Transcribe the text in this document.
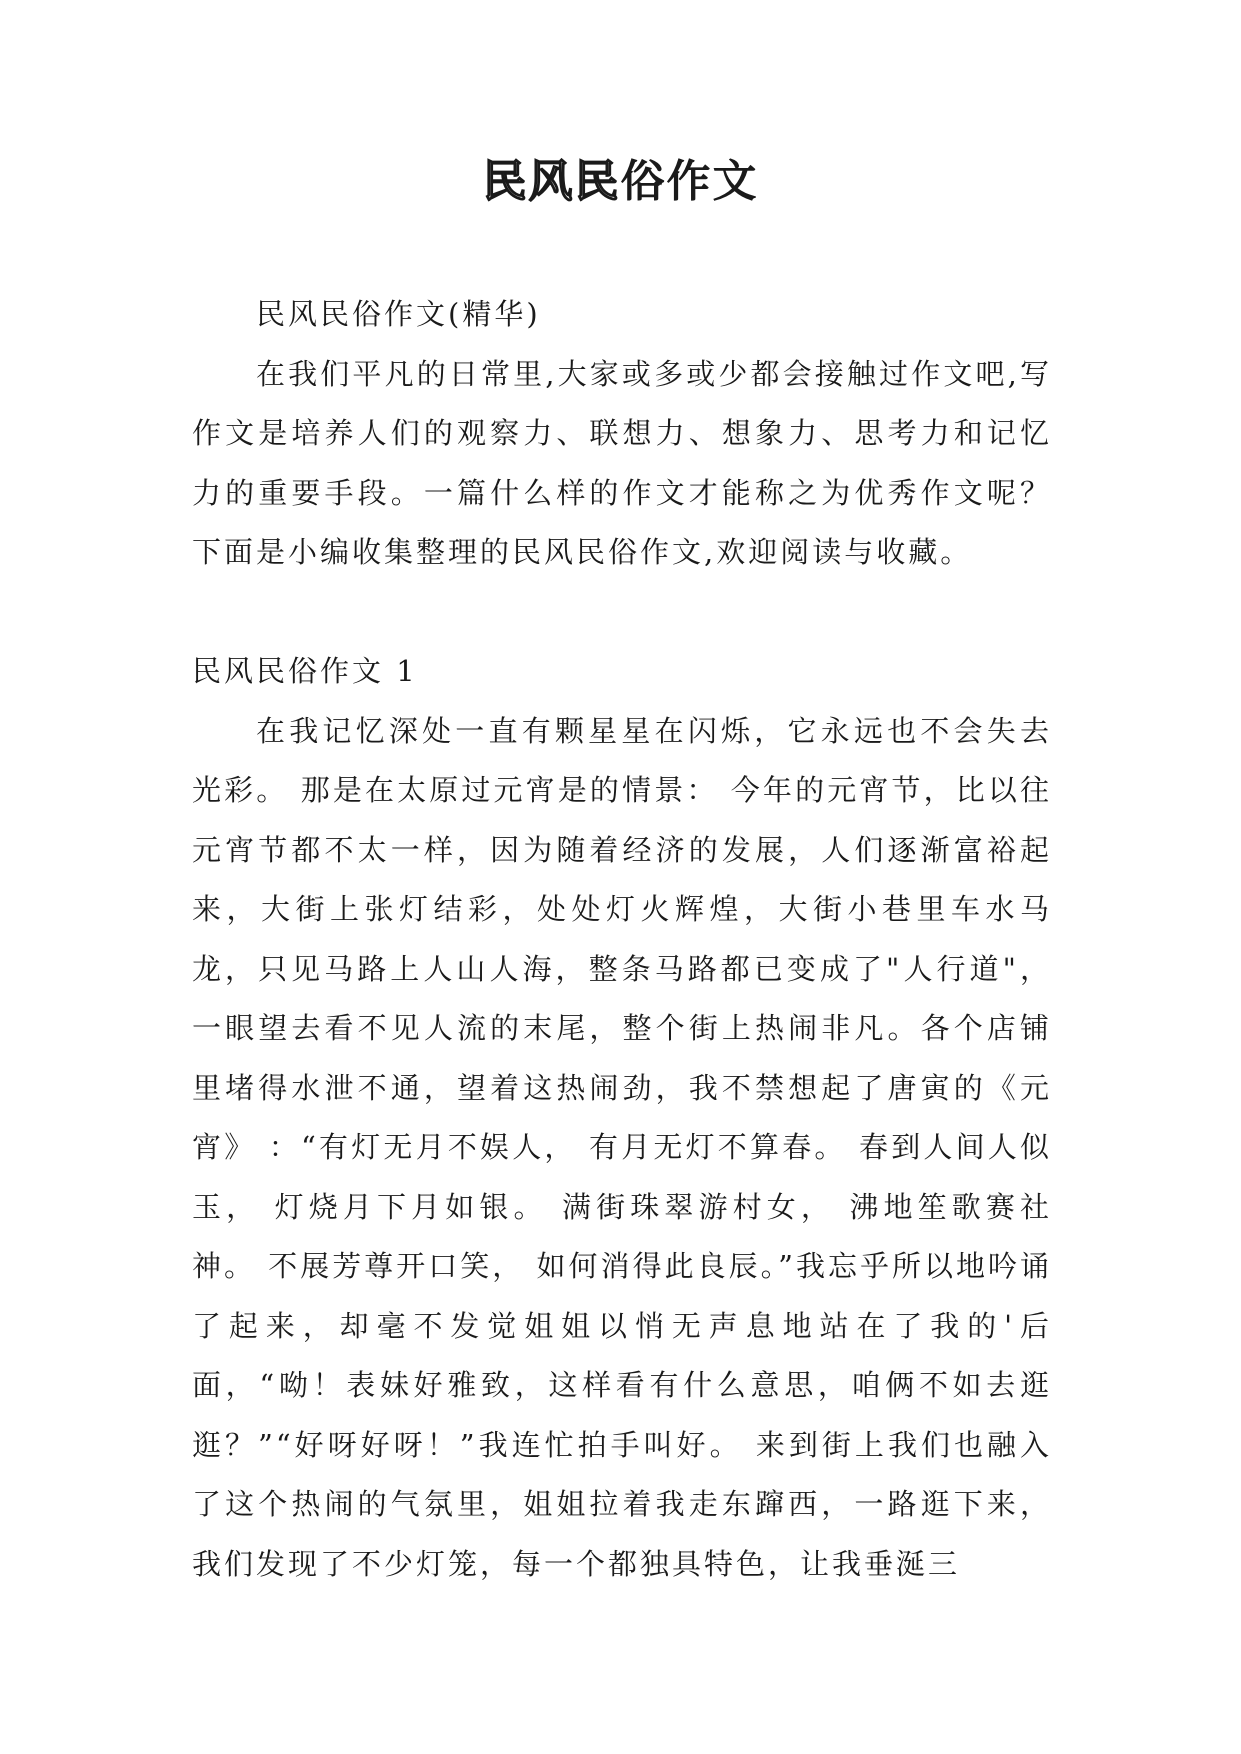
民风民俗作文

民风民俗作文(精华)

在我们平凡的日常里,大家或多或少都会接触过作文吧,写作文是培养人们的观察力、联想力、想象力、思考力和记忆力的重要手段。一篇什么样的作文才能称之为优秀作文呢？下面是小编收集整理的民风民俗作文,欢迎阅读与收藏。

民风民俗作文 1

在我记忆深处一直有颗星星在闪烁，它永远也不会失去光彩。 那是在太原过元宵是的情景： 今年的元宵节，比以往元宵节都不太一样，因为随着经济的发展，人们逐渐富裕起来，大街上张灯结彩，处处灯火辉煌，大街小巷里车水马龙，只见马路上人山人海，整条马路都已变成了"人行道"，一眼望去看不见人流的末尾，整个街上热闹非凡。各个店铺里堵得水泄不通，望着这热闹劲，我不禁想起了唐寅的《元宵》 ：“有灯无月不娱人， 有月无灯不算春。 春到人间人似玉， 灯烧月下月如银。 满街珠翠游村女， 沸地笙歌赛社神。 不展芳尊开口笑， 如何消得此良辰。”我忘乎所以地吟诵了起来，却毫不发觉姐姐以悄无声息地站在了我的'后面，“呦！表妹好雅致，这样看有什么意思，咱俩不如去逛逛？”“好呀好呀！”我连忙拍手叫好。 来到街上我们也融入了这个热闹的气氛里，姐姐拉着我走东蹿西，一路逛下来，我们发现了不少灯笼，每一个都独具特色，让我垂涎三
